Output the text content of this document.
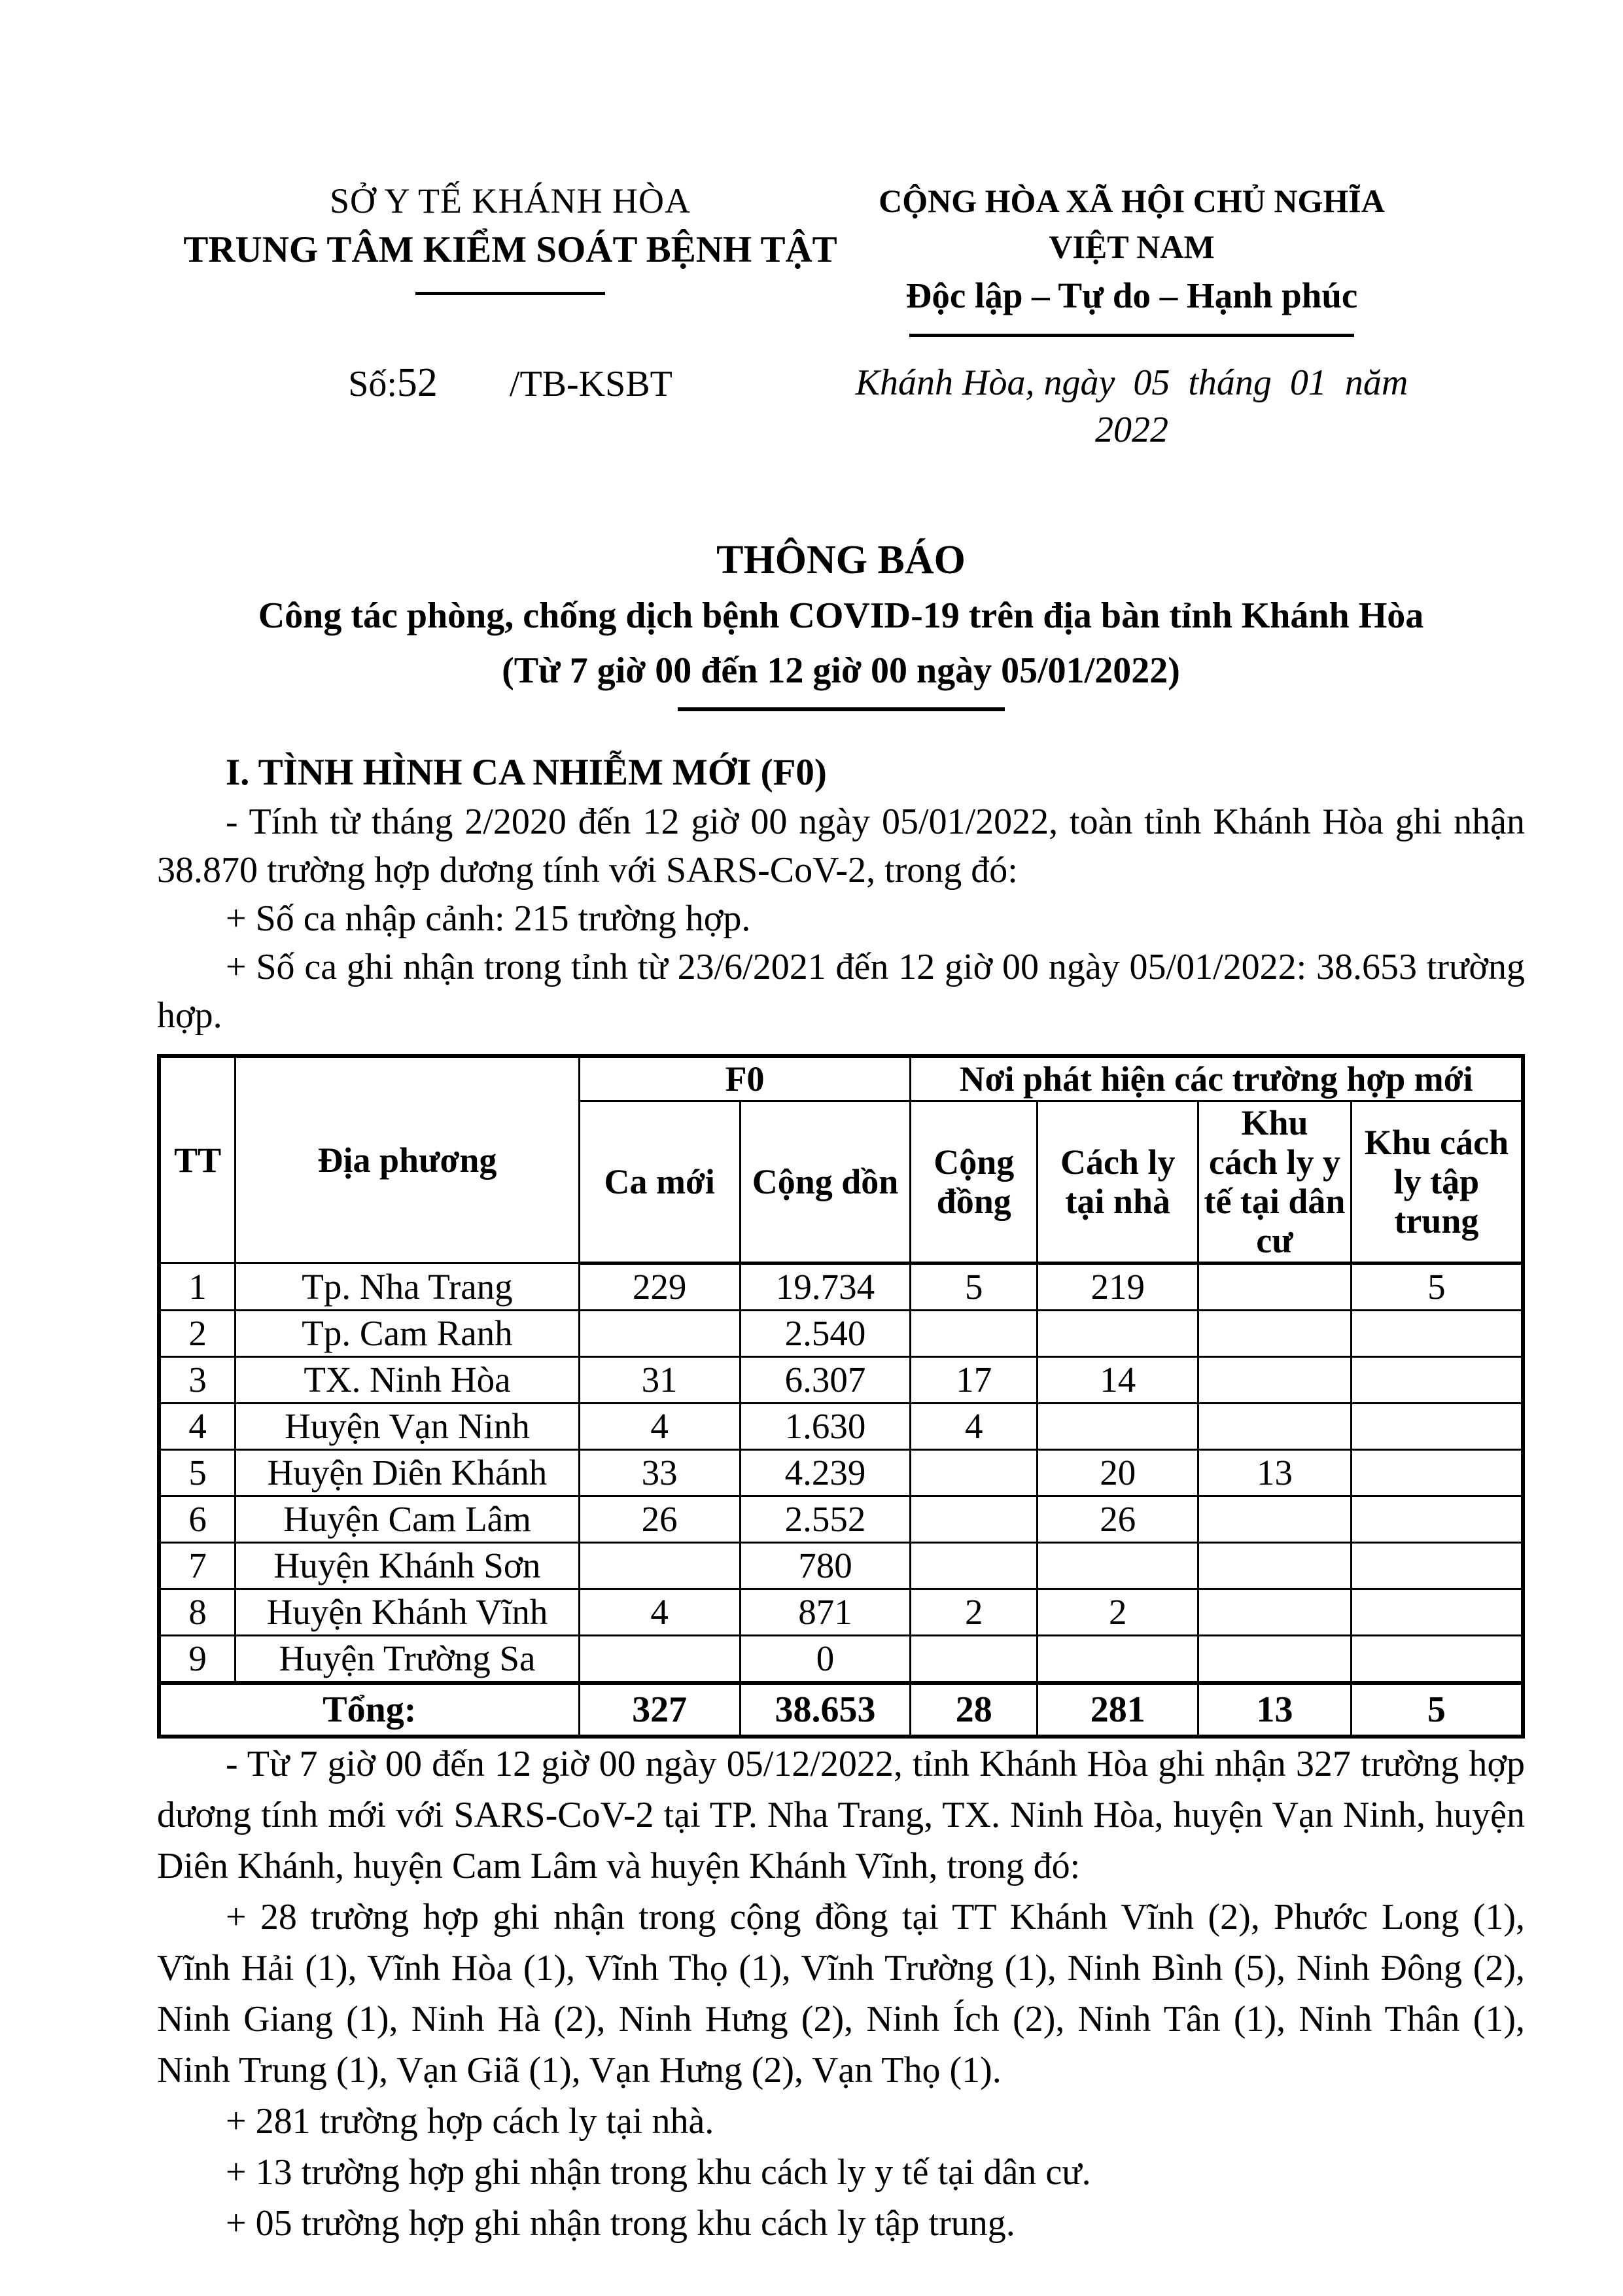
SỞ Y TẾ KHÁNH HÒA
TRUNG TÂM KIỂM SOÁT BỆNH TẬT
CỘNG HÒA XÃ HỘI CHỦ NGHĨA VIỆT NAM
Độc lập – Tự do – Hạnh phúc
Số:52 /TB-KSBT	Khánh Hòa, ngày 05 tháng 01 năm 2022
THÔNG BÁO
Công tác phòng, chống dịch bệnh COVID-19 trên địa bàn tỉnh Khánh Hòa
(Từ 7 giờ 00 đến 12 giờ 00 ngày 05/01/2022)
I. TÌNH HÌNH CA NHIỄM MỚI (F0)

- Tính từ tháng 2/2020 đến 12 giờ 00 ngày 05/01/2022, toàn tỉnh Khánh Hòa ghi nhận 38.870 trường hợp dương tính với SARS-CoV-2, trong đó:

+ Số ca nhập cảnh: 215 trường hợp.

+ Số ca ghi nhận trong tỉnh từ 23/6/2021 đến 12 giờ 00 ngày 05/01/2022: 38.653 trường hợp.

TT	Địa phương	F0		Nơi phát hiện các trường hợp mới			
		Ca mới	Cộng dồn	Cộng đồng	Cách ly tại nhà	Khu cách ly y tế tại dân cư	Khu cách ly tập trung
1	Tp. Nha Trang	229	19.734	5	219		5
2	Tp. Cam Ranh		2.540				
3	TX. Ninh Hòa	31	6.307	17	14		
4	Huyện Vạn Ninh	4	1.630	4			
5	Huyện Diên Khánh	33	4.239		20	13	
6	Huyện Cam Lâm	26	2.552		26		
7	Huyện Khánh Sơn		780				
8	Huyện Khánh Vĩnh	4	871	2	2		
9	Huyện Trường Sa		0				
Tổng:		327	38.653	28	281	13	5

- Từ 7 giờ 00 đến 12 giờ 00 ngày 05/12/2022, tỉnh Khánh Hòa ghi nhận 327 trường hợp dương tính mới với SARS-CoV-2 tại TP. Nha Trang, TX. Ninh Hòa, huyện Vạn Ninh, huyện Diên Khánh, huyện Cam Lâm và huyện Khánh Vĩnh, trong đó:

+ 28 trường hợp ghi nhận trong cộng đồng tại TT Khánh Vĩnh (2), Phước Long (1), Vĩnh Hải (1), Vĩnh Hòa (1), Vĩnh Thọ (1), Vĩnh Trường (1), Ninh Bình (5), Ninh Đông (2), Ninh Giang (1), Ninh Hà (2), Ninh Hưng (2), Ninh Ích (2), Ninh Tân (1), Ninh Thân (1), Ninh Trung (1), Vạn Giã (1), Vạn Hưng (2), Vạn Thọ (1).

+ 281 trường hợp cách ly tại nhà.

+ 13 trường hợp ghi nhận trong khu cách ly y tế tại dân cư.

+ 05 trường hợp ghi nhận trong khu cách ly tập trung.
